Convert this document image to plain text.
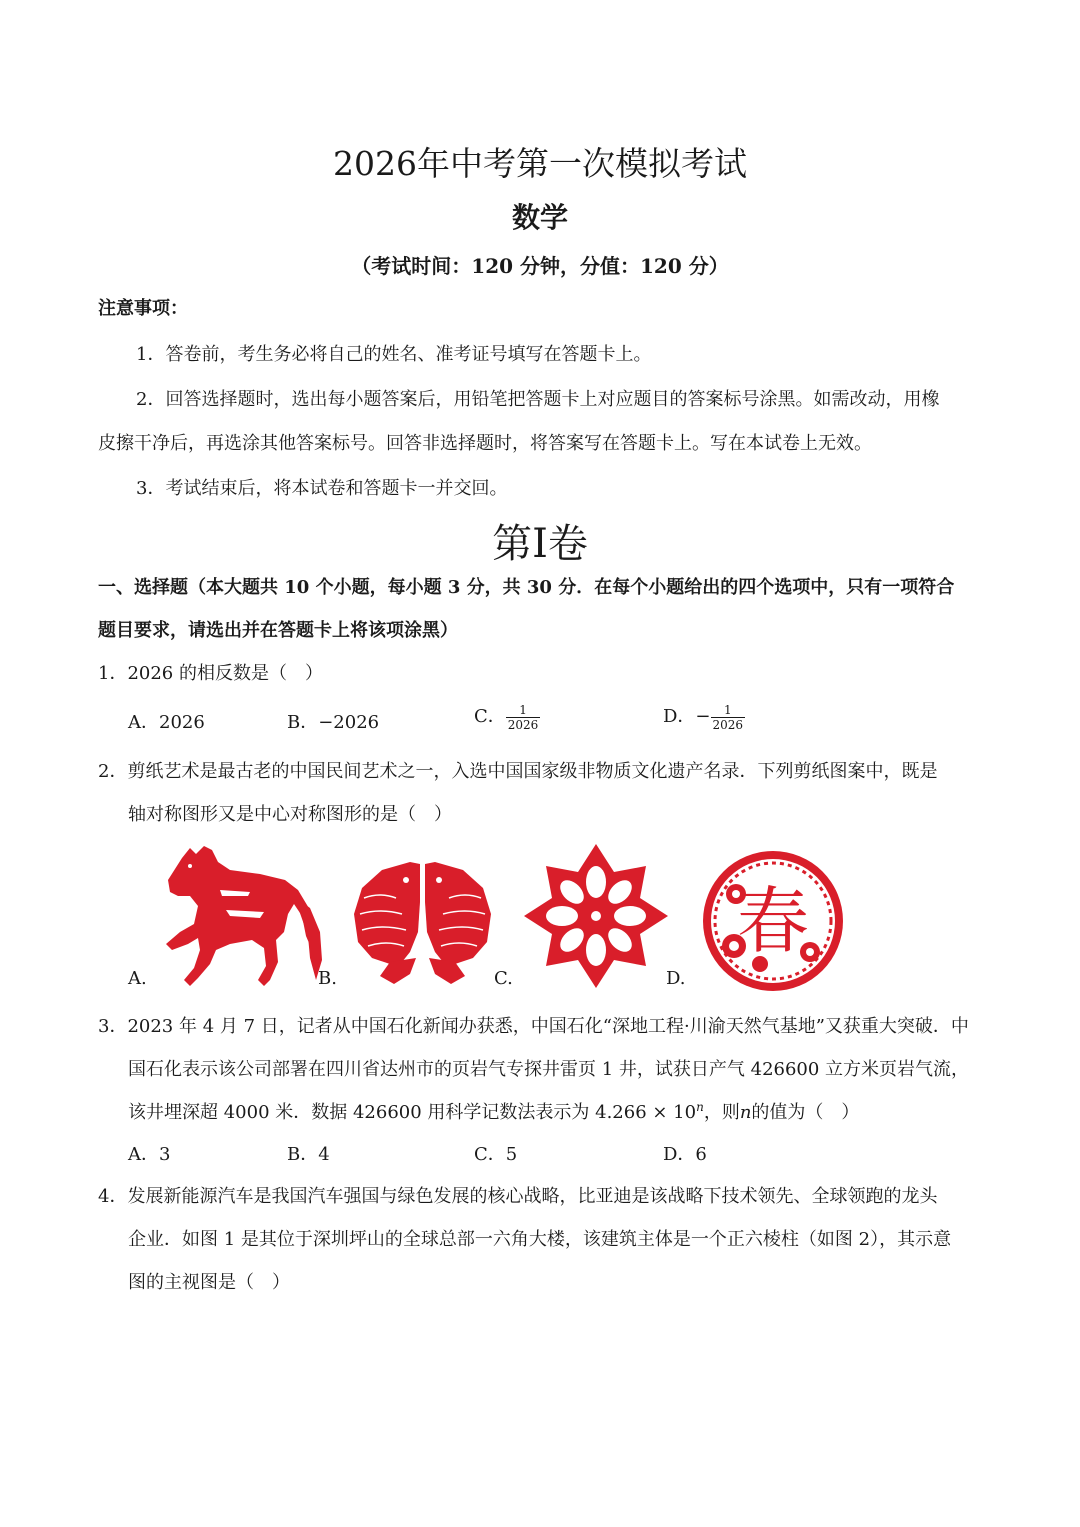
2026年中考第一次模拟考试
数学
（考试时间：120 分钟，分值：120 分）
注意事项：
1．答卷前，考生务必将自己的姓名、准考证号填写在答题卡上。
2．回答选择题时，选出每小题答案后，用铅笔把答题卡上对应题目的答案标号涂黑。如需改动，用橡
皮擦干净后，再选涂其他答案标号。回答非选择题时，将答案写在答题卡上。写在本试卷上无效。
3．考试结束后，将本试卷和答题卡一并交回。
第I卷
一、选择题（本大题共 10 个小题，每小题 3 分，共 30 分．在每个小题给出的四个选项中，只有一项符合
题目要求，请选出并在答题卡上将该项涂黑）
1．2026 的相反数是（　）
A．2026	B．−2026	C． $\frac{1}{2026}$	D．− $\frac{1}{2026}$
2．剪纸艺术是最古老的中国民间艺术之一，入选中国国家级非物质文化遗产名录．下列剪纸图案中，既是
轴对称图形又是中心对称图形的是（　）
A.	B.	C.
春
D.
3．2023 年 4 月 7 日，记者从中国石化新闻办获悉，中国石化“深地工程·川渝天然气基地”又获重大突破．中
国石化表示该公司部署在四川省达州市的页岩气专探井雷页 1 井，试获日产气 426600 立方米页岩气流，
该井埋深超 4000 米．数据 426600 用科学记数法表示为 $4.266 \times 10^n$，则n的值为（　）
A．3	B．4	C．5	D．6
4．发展新能源汽车是我国汽车强国与绿色发展的核心战略，比亚迪是该战略下技术领先、全球领跑的龙头
企业．如图 1 是其位于深圳坪山的全球总部一六角大楼，该建筑主体是一个正六棱柱（如图 2），其示意
图的主视图是（　）
